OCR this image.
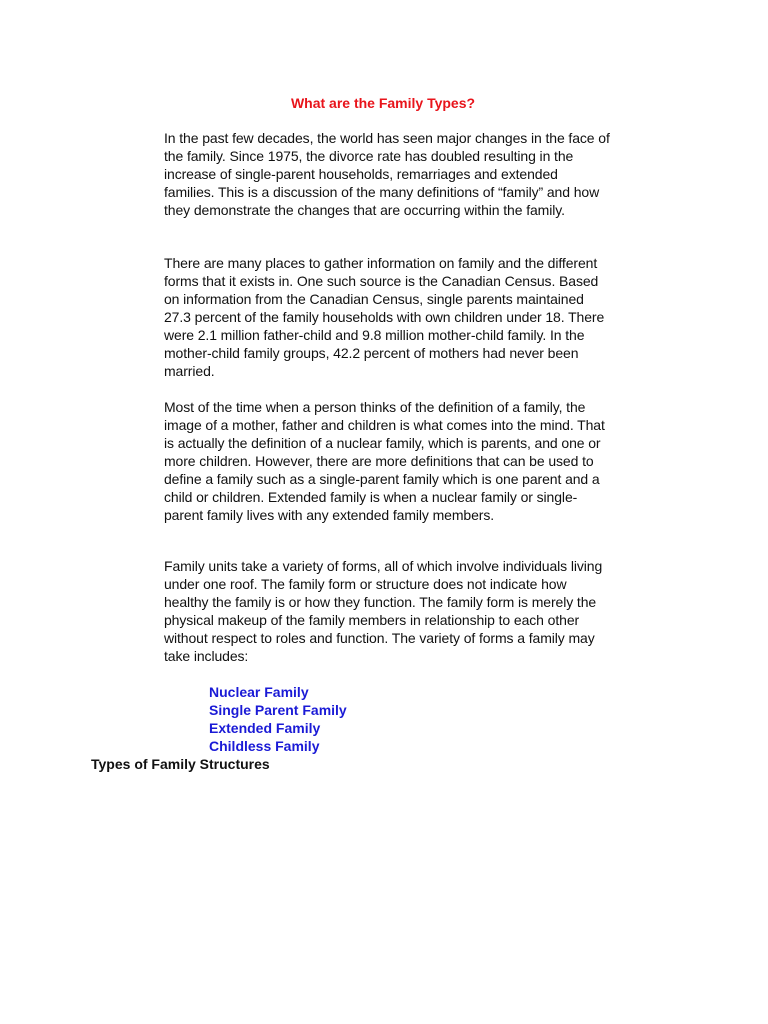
What are the Family Types?

In the past few decades, the world has seen major changes in the face of the family. Since 1975, the divorce rate has doubled resulting in the increase of single-parent households, remarriages and extended families. This is a discussion of the many definitions of “family” and how they demonstrate the changes that are occurring within the family.

There are many places to gather information on family and the different forms that it exists in. One such source is the Canadian Census. Based on information from the Canadian Census, single parents maintained 27.3 percent of the family households with own children under 18. There were 2.1 million father-child and 9.8 million mother-child family. In the mother-child family groups, 42.2 percent of mothers had never been married.

Most of the time when a person thinks of the definition of a family, the image of a mother, father and children is what comes into the mind. That is actually the definition of a nuclear family, which is parents, and one or more children. However, there are more definitions that can be used to define a family such as a single-parent family which is one parent and a child or children. Extended family is when a nuclear family or single-parent family lives with any extended family members.

Family units take a variety of forms, all of which involve individuals living under one roof. The family form or structure does not indicate how healthy the family is or how they function. The family form is merely the physical makeup of the family members in relationship to each other without respect to roles and function. The variety of forms a family may take includes:

Nuclear Family
Single Parent Family
Extended Family
Childless Family
Types of Family Structures
